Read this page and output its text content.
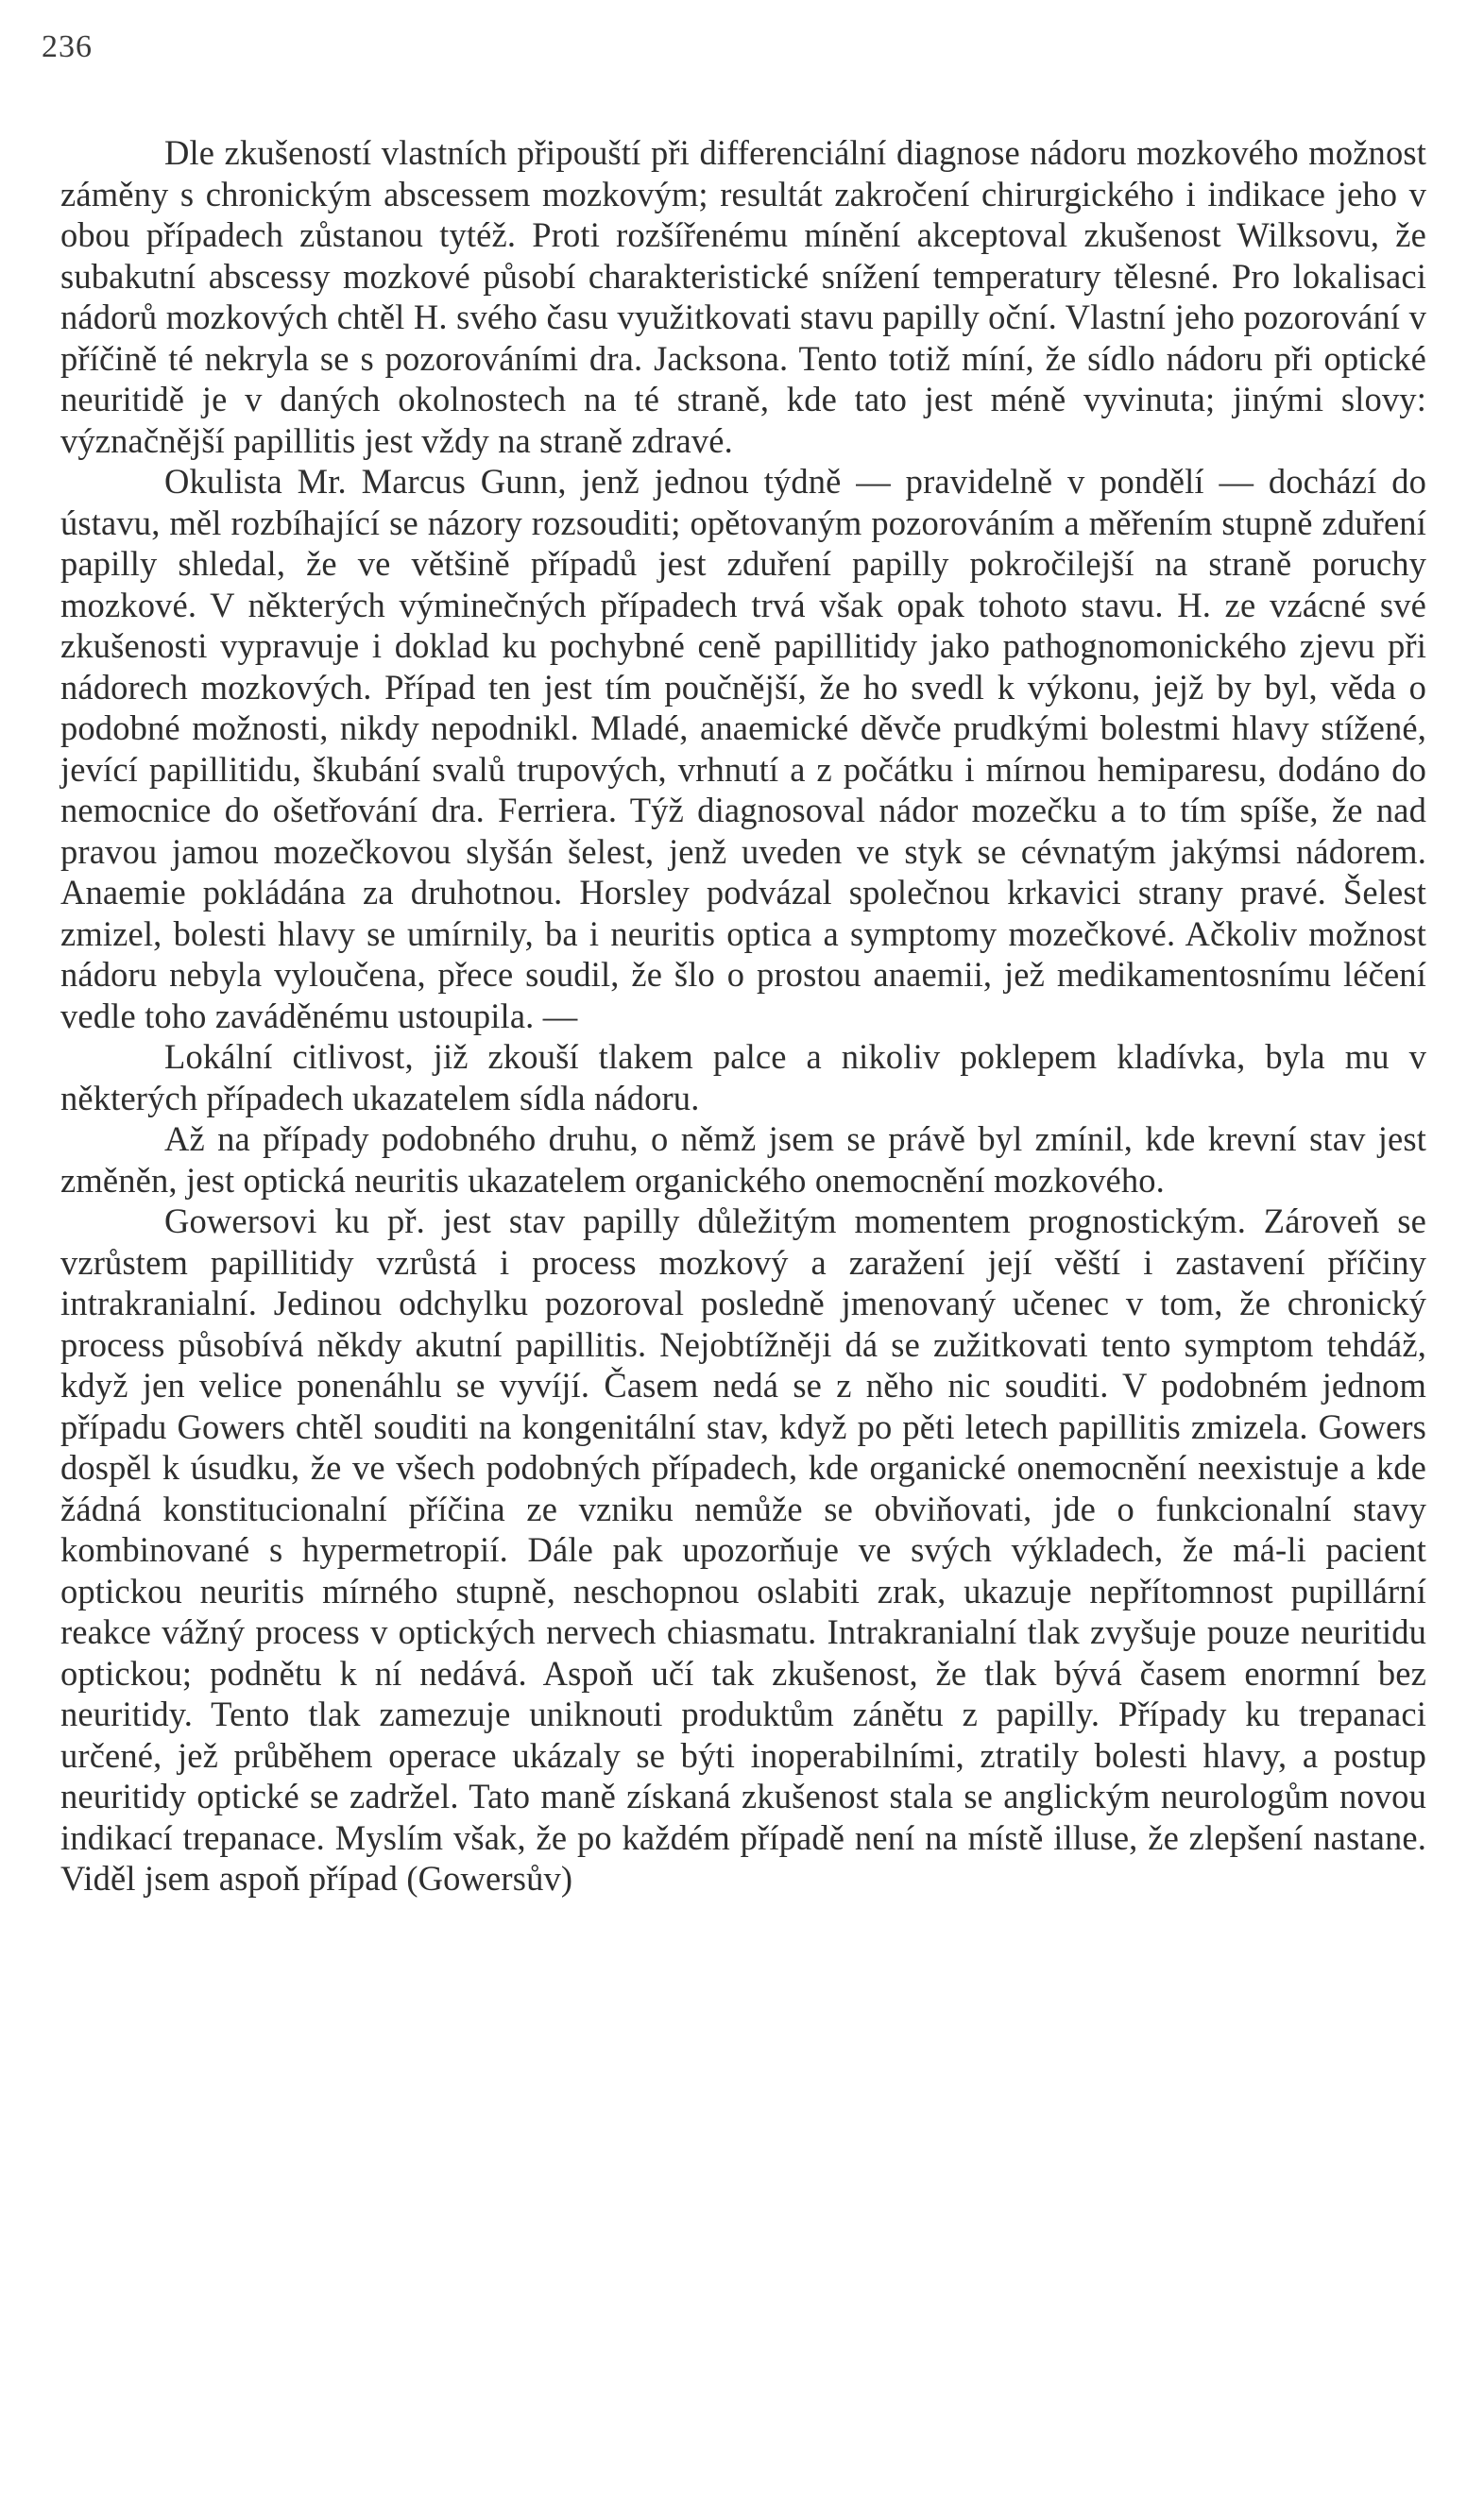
236

Dle zkušeností vlastních připouští při differenciální diagnose nádoru mozkového možnost záměny s chronickým abscessem mozkovým; resultát zakročení chirurgického i indikace jeho v obou případech zůstanou tytéž. Proti rozšířenému mínění akceptoval zkušenost Wilksovu, že subakutní abscessy mozkové působí charakteristické snížení temperatury tělesné. Pro lokalisaci nádorů mozkových chtěl H. svého času využitkovati stavu papilly oční. Vlastní jeho pozorování v příčině té nekryla se s pozorováními dra. Jacksona. Tento totiž míní, že sídlo nádoru při optické neuritidě je v daných okolnostech na té straně, kde tato jest méně vyvinuta; jinými slovy: význačnější papillitis jest vždy na straně zdravé.

Okulista Mr. Marcus Gunn, jenž jednou týdně — pravidelně v pondělí — dochází do ústavu, měl rozbíhající se názory rozsouditi; opětovaným pozorováním a měřením stupně zduření papilly shledal, že ve většině případů jest zduření papilly pokročilejší na straně poruchy mozkové. V některých výminečných případech trvá však opak tohoto stavu. H. ze vzácné své zkušenosti vypravuje i doklad ku pochybné ceně papillitidy jako pathognomonického zjevu při nádorech mozkových. Případ ten jest tím poučnější, že ho svedl k výkonu, jejž by byl, věda o podobné možnosti, nikdy nepodnikl. Mladé, anaemické děvče prudkými bolestmi hlavy stížené, jevící papillitidu, škubání svalů trupových, vrhnutí a z počátku i mírnou hemiparesu, dodáno do nemocnice do ošetřování dra. Ferriera. Týž diagnosoval nádor mozečku a to tím spíše, že nad pravou jamou mozečkovou slyšán šelest, jenž uveden ve styk se cévnatým jakýmsi nádorem. Anaemie pokládána za druhotnou. Horsley podvázal společnou krkavici strany pravé. Šelest zmizel, bolesti hlavy se umírnily, ba i neuritis optica a symptomy mozečkové. Ačkoliv možnost nádoru nebyla vyloučena, přece soudil, že šlo o prostou anaemii, jež medikamentosnímu léčení vedle toho zaváděnému ustoupila. —

Lokální citlivost, již zkouší tlakem palce a nikoliv poklepem kladívka, byla mu v některých případech ukazatelem sídla nádoru.

Až na případy podobného druhu, o němž jsem se právě byl zmínil, kde krevní stav jest změněn, jest optická neuritis ukazatelem organického onemocnění mozkového.

Gowersovi ku př. jest stav papilly důležitým momentem prognostickým. Zároveň se vzrůstem papillitidy vzrůstá i process mozkový a zaražení její věští i zastavení příčiny intrakranialní. Jedinou odchylku pozoroval posledně jmenovaný učenec v tom, že chronický process působívá někdy akutní papillitis. Nejobtížněji dá se zužitkovati tento symptom tehdáž, když jen velice ponenáhlu se vyvíjí. Časem nedá se z něho nic souditi. V podobném jednom případu Gowers chtěl souditi na kongenitální stav, když po pěti letech papillitis zmizela. Gowers dospěl k úsudku, že ve všech podobných případech, kde organické onemocnění neexistuje a kde žádná konstitucionalní příčina ze vzniku nemůže se obviňovati, jde o funkcionalní stavy kombinované s hypermetropií. Dále pak upozorňuje ve svých výkladech, že má-li pacient optickou neuritis mírného stupně, neschopnou oslabiti zrak, ukazuje nepřítomnost pupillární reakce vážný process v optických nervech chiasmatu. Intrakranialní tlak zvyšuje pouze neuritidu optickou; podnětu k ní nedává. Aspoň učí tak zkušenost, že tlak bývá časem enormní bez neuritidy. Tento tlak zamezuje uniknouti produktům zánětu z papilly. Případy ku trepanaci určené, jež průběhem operace ukázaly se býti inoperabilními, ztratily bolesti hlavy, a postup neuritidy optické se zadržel. Tato maně získaná zkušenost stala se anglickým neurologům novou indikací trepanace. Myslím však, že po každém případě není na místě illuse, že zlepšení nastane. Viděl jsem aspoň případ (Gowersův)
